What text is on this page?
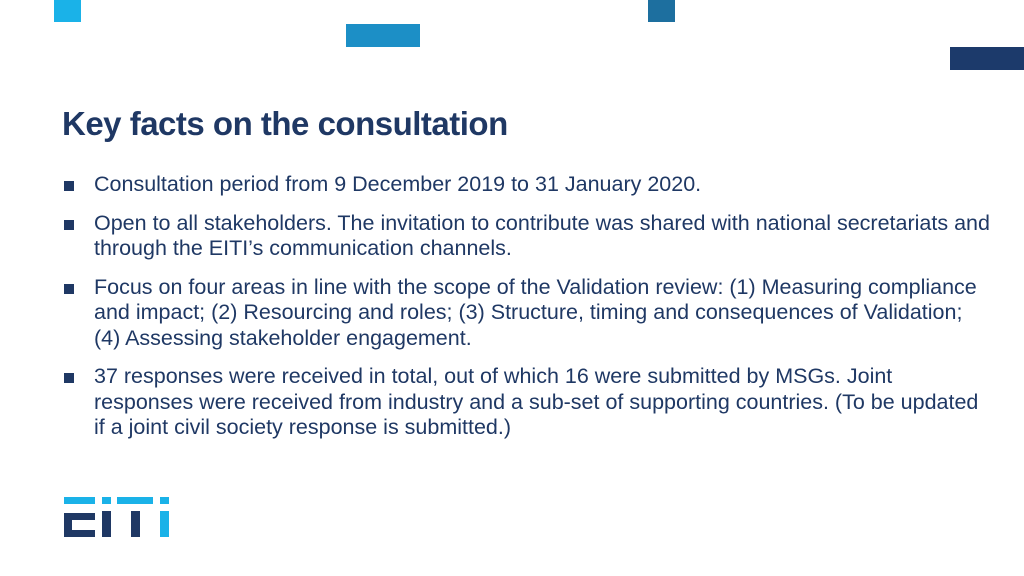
Key facts on the consultation
Consultation period from 9 December 2019 to 31 January 2020.
Open to all stakeholders. The invitation to contribute was shared with national secretariats and through the EITI’s communication channels.
Focus on four areas in line with the scope of the Validation review: (1) Measuring compliance and impact; (2) Resourcing and roles; (3) Structure, timing and consequences of Validation; (4) Assessing stakeholder engagement.
37 responses were received in total, out of which 16 were submitted by MSGs. Joint responses were received from industry and a sub-set of supporting countries. (To be updated if a joint civil society response is submitted.)
